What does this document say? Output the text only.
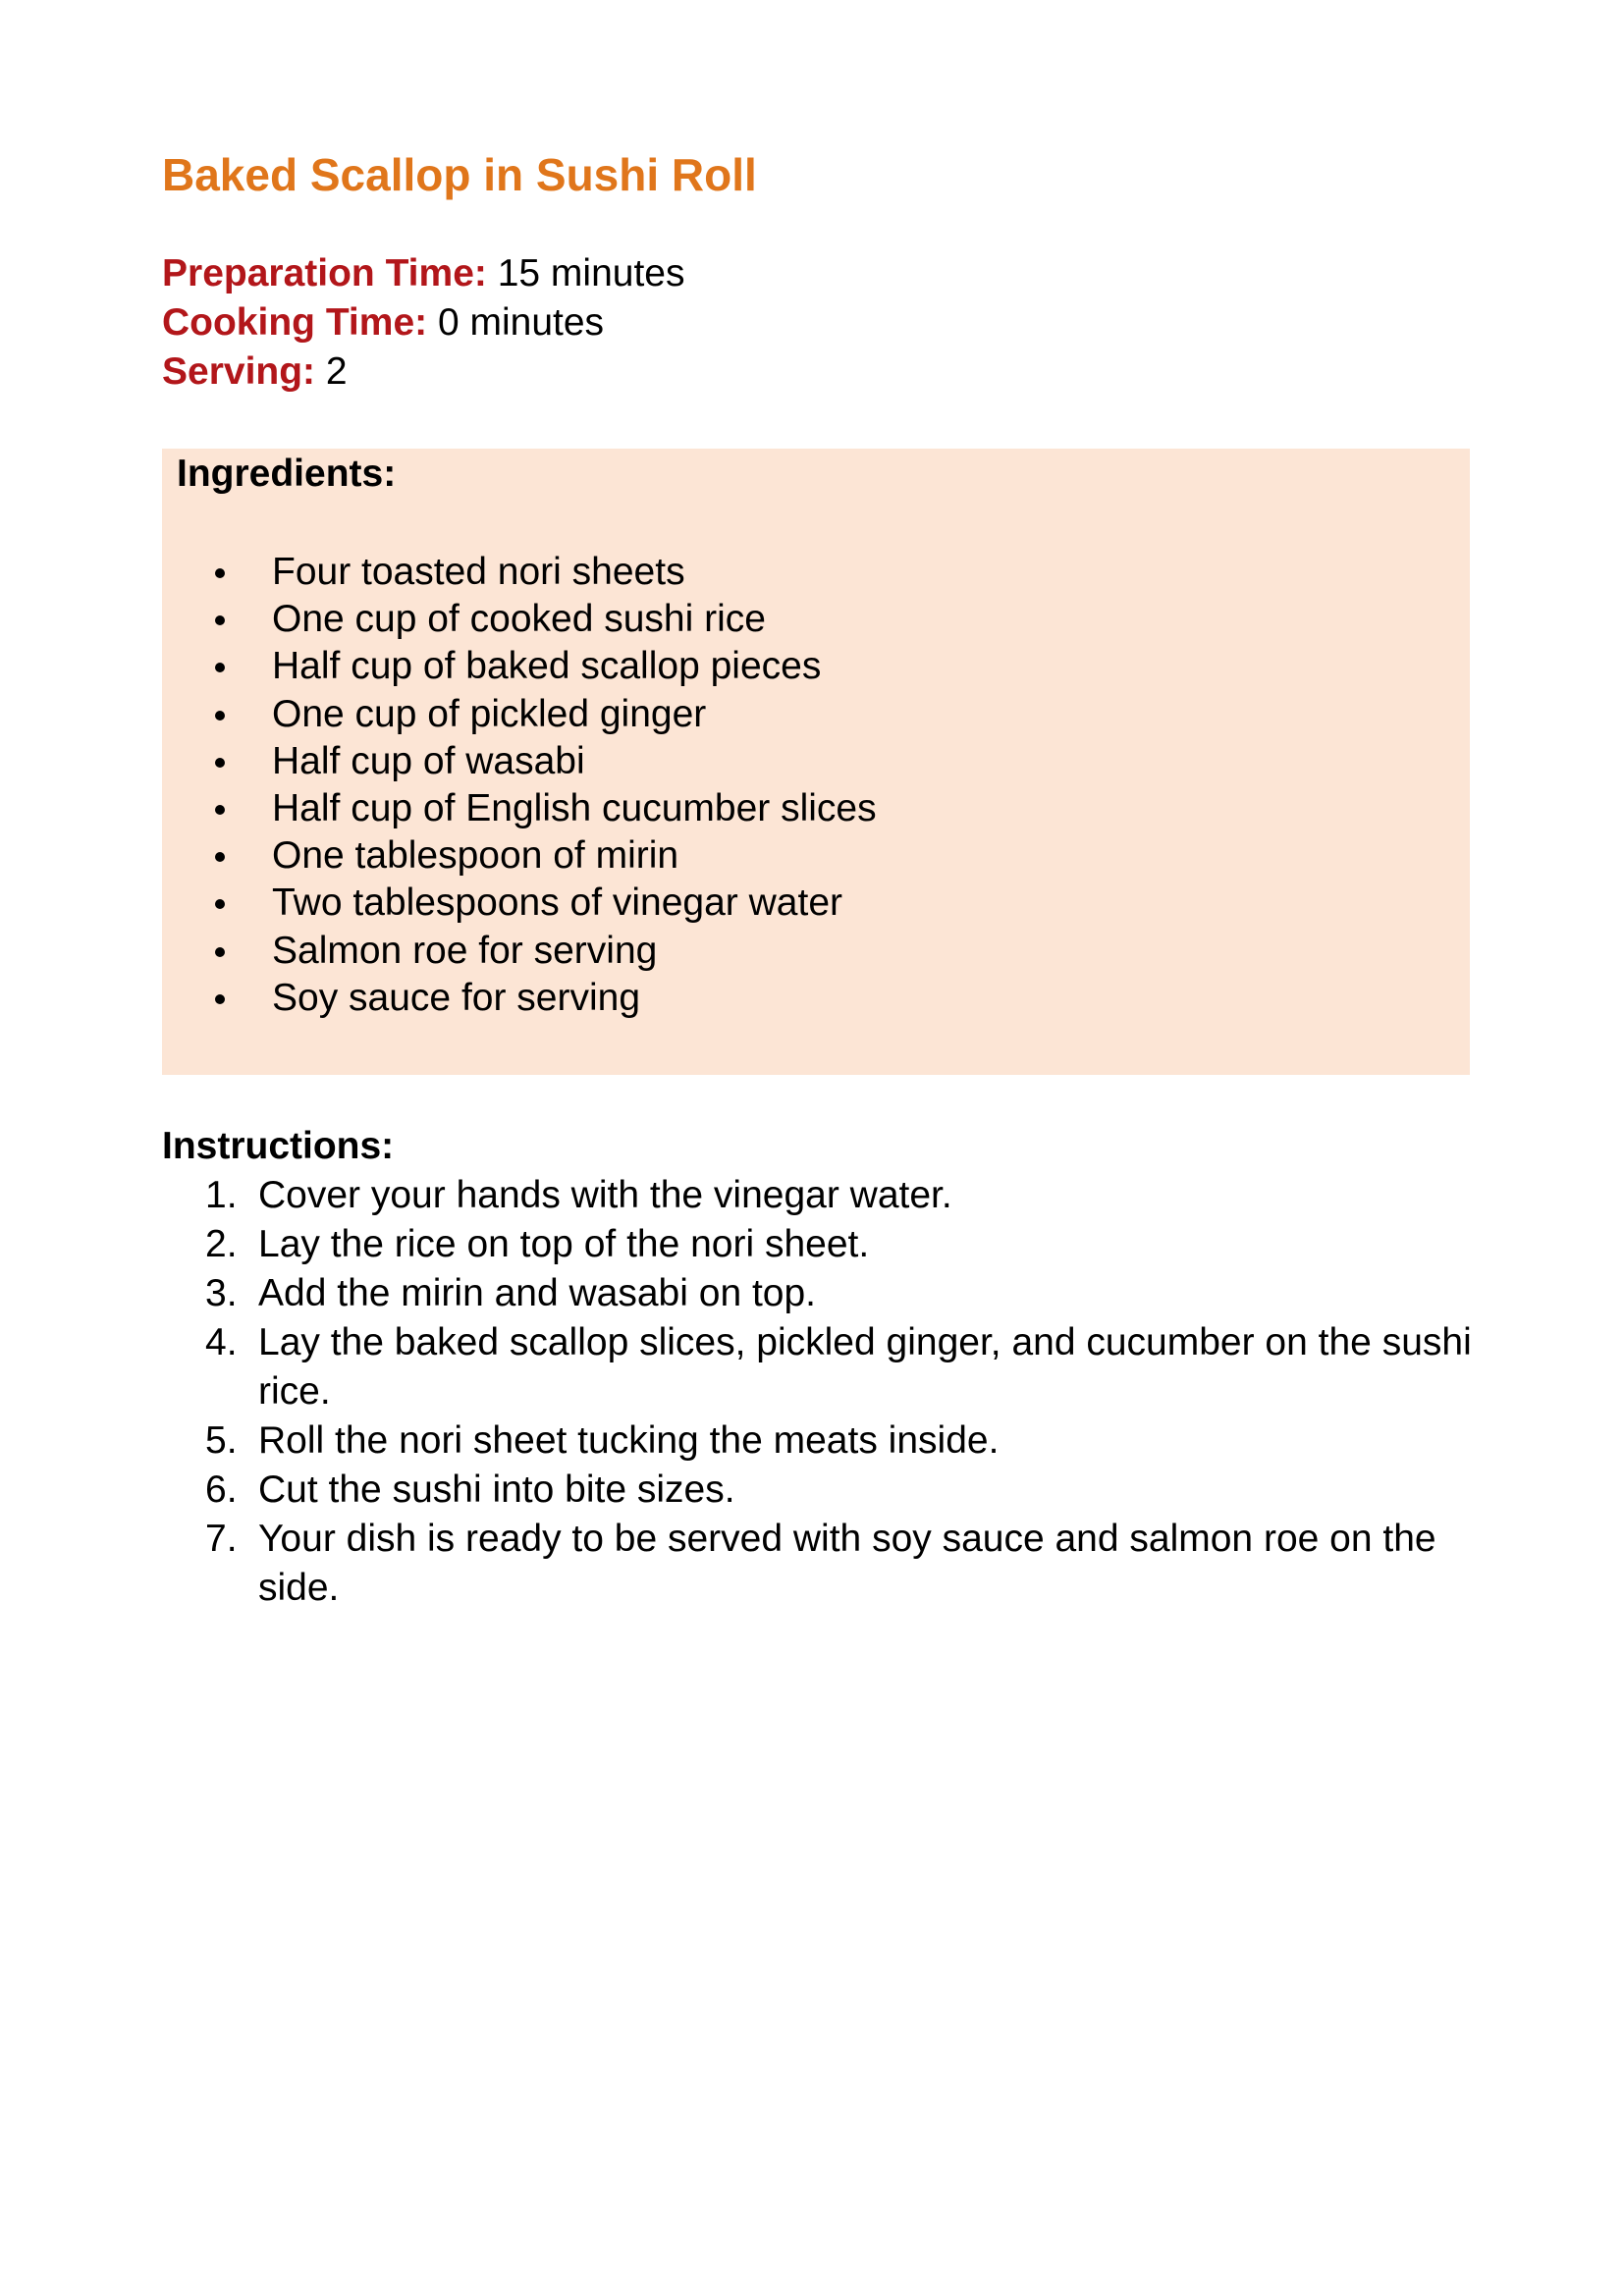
Baked Scallop in Sushi Roll
Preparation Time: 15 minutes
Cooking Time: 0 minutes
Serving: 2
Ingredients:
Four toasted nori sheets
One cup of cooked sushi rice
Half cup of baked scallop pieces
One cup of pickled ginger
Half cup of wasabi
Half cup of English cucumber slices
One tablespoon of mirin
Two tablespoons of vinegar water
Salmon roe for serving
Soy sauce for serving
Instructions:
1. Cover your hands with the vinegar water.
2. Lay the rice on top of the nori sheet.
3. Add the mirin and wasabi on top.
4. Lay the baked scallop slices, pickled ginger, and cucumber on the sushi rice.
5. Roll the nori sheet tucking the meats inside.
6. Cut the sushi into bite sizes.
7. Your dish is ready to be served with soy sauce and salmon roe on the side.
